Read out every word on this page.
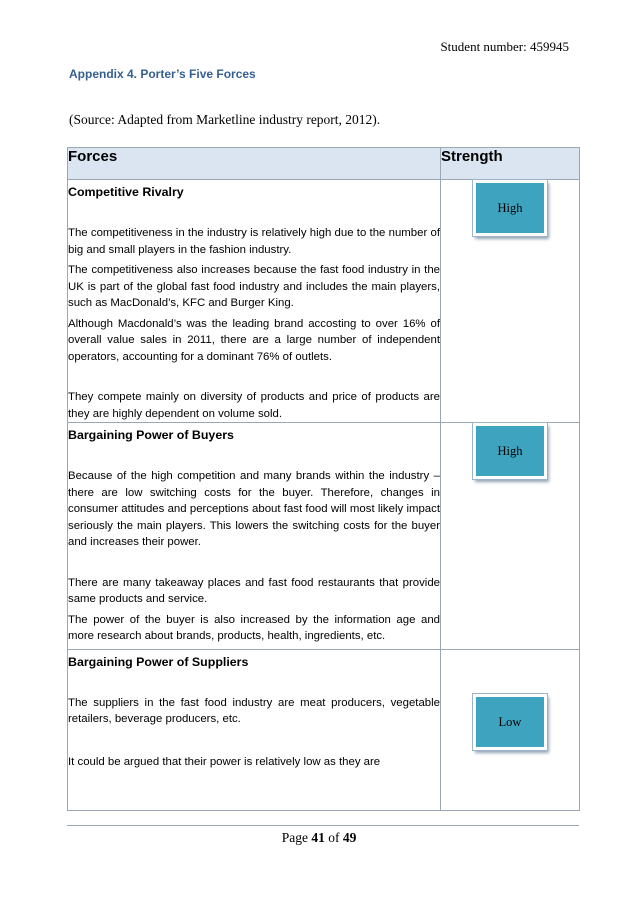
Student number: 459945
Appendix 4. Porter’s Five Forces
(Source: Adapted from Marketline industry report, 2012).
Forces	Strength

Competitive Rivalry
The competitiveness in the industry is relatively high due to the number of big and small players in the fashion industry.
The competitiveness also increases because the fast food industry in the UK is part of the global fast food industry and includes the main players, such as MacDonald’s, KFC and Burger King.
Although Macdonald’s was the leading brand accosting to over 16% of overall value sales in 2011, there are a large number of independent operators, accounting for a dominant 76% of outlets.
They compete mainly on diversity of products and price of products are they are highly dependent on volume sold.	High

Bargaining Power of Buyers
Because of the high competition and many brands within the industry – there are low switching costs for the buyer. Therefore, changes in consumer attitudes and perceptions about fast food will most likely impact seriously the main players. This lowers the switching costs for the buyer and increases their power.
There are many takeaway places and fast food restaurants that provide same products and service.
The power of the buyer is also increased by the information age and more research about brands, products, health, ingredients, etc.	High

Bargaining Power of Suppliers
The suppliers in the fast food industry are meat producers, vegetable retailers, beverage producers, etc.
It could be argued that their power is relatively low as they are	Low
Page 41 of 49
